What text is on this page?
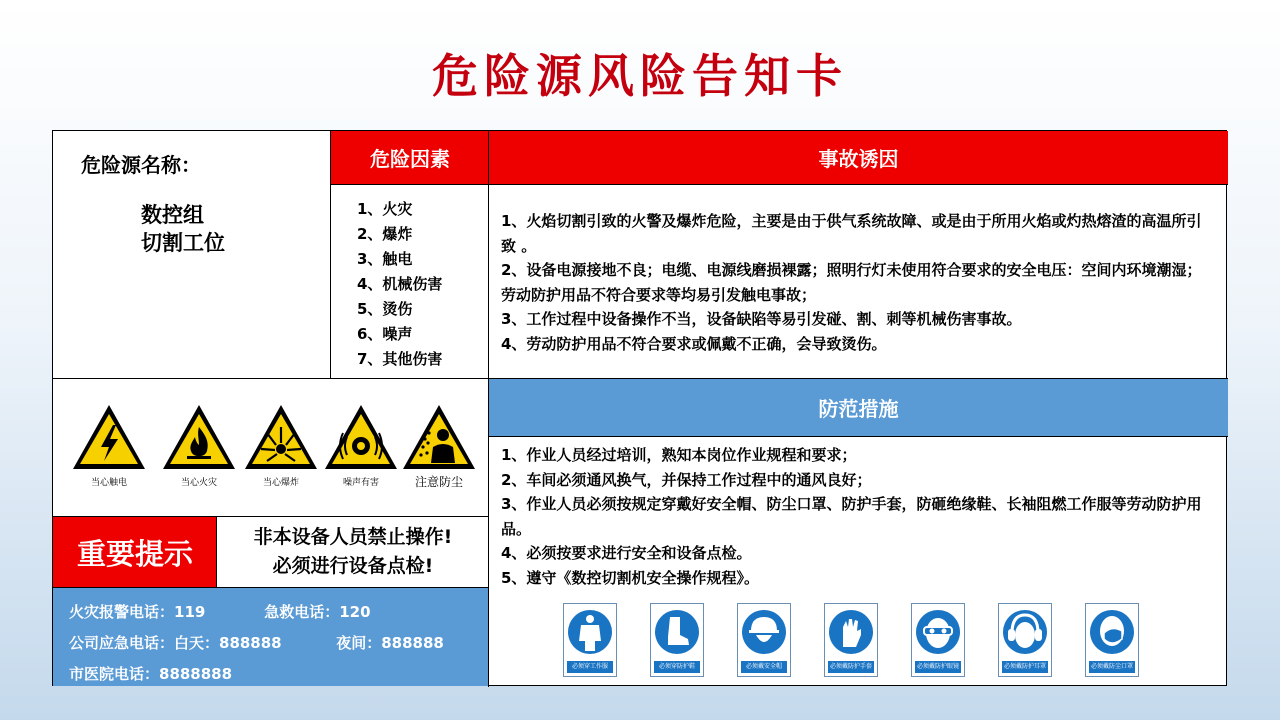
危险源风险告知卡
危险源名称：
数控组
切割工位
危险因素
1、火灾
2、爆炸
3、触电
4、机械伤害
5、烫伤
6、噪声
7、其他伤害
事故诱因
1、火焰切割引致的火警及爆炸危险，主要是由于供气系统故障、或是由于所用火焰或灼热熔渣的高温所引致 。
2、设备电源接地不良；电缆、电源线磨损裸露；照明行灯未使用符合要求的安全电压：空间内环境潮湿；劳动防护用品不符合要求等均易引发触电事故；
3、工作过程中设备操作不当，设备缺陷等易引发碰、割、刺等机械伤害事故。
4、劳动防护用品不符合要求或佩戴不正确，会导致烫伤。
当心触电	当心火灾	当心爆炸	噪声有害	注意防尘
重要提示	非本设备人员禁止操作!
必须进行设备点检!
火灾报警电话：119	急救电话：120
公司应急电话：白天：888888	夜间：888888
市医院电话：8888888
防范措施
1、作业人员经过培训，熟知本岗位作业规程和要求；
2、车间必须通风换气，并保持工作过程中的通风良好；
3、作业人员必须按规定穿戴好安全帽、防尘口罩、防护手套，防砸绝缘鞋、长袖阻燃工作服等劳动防护用品。
4、必须按要求进行安全和设备点检。
5、遵守《数控切割机安全操作规程》。
必须穿工作服	必须穿防护鞋	必须戴安全帽	必须戴防护手套	必须戴防护眼镜	必须戴防护耳罩	必须戴防尘口罩
